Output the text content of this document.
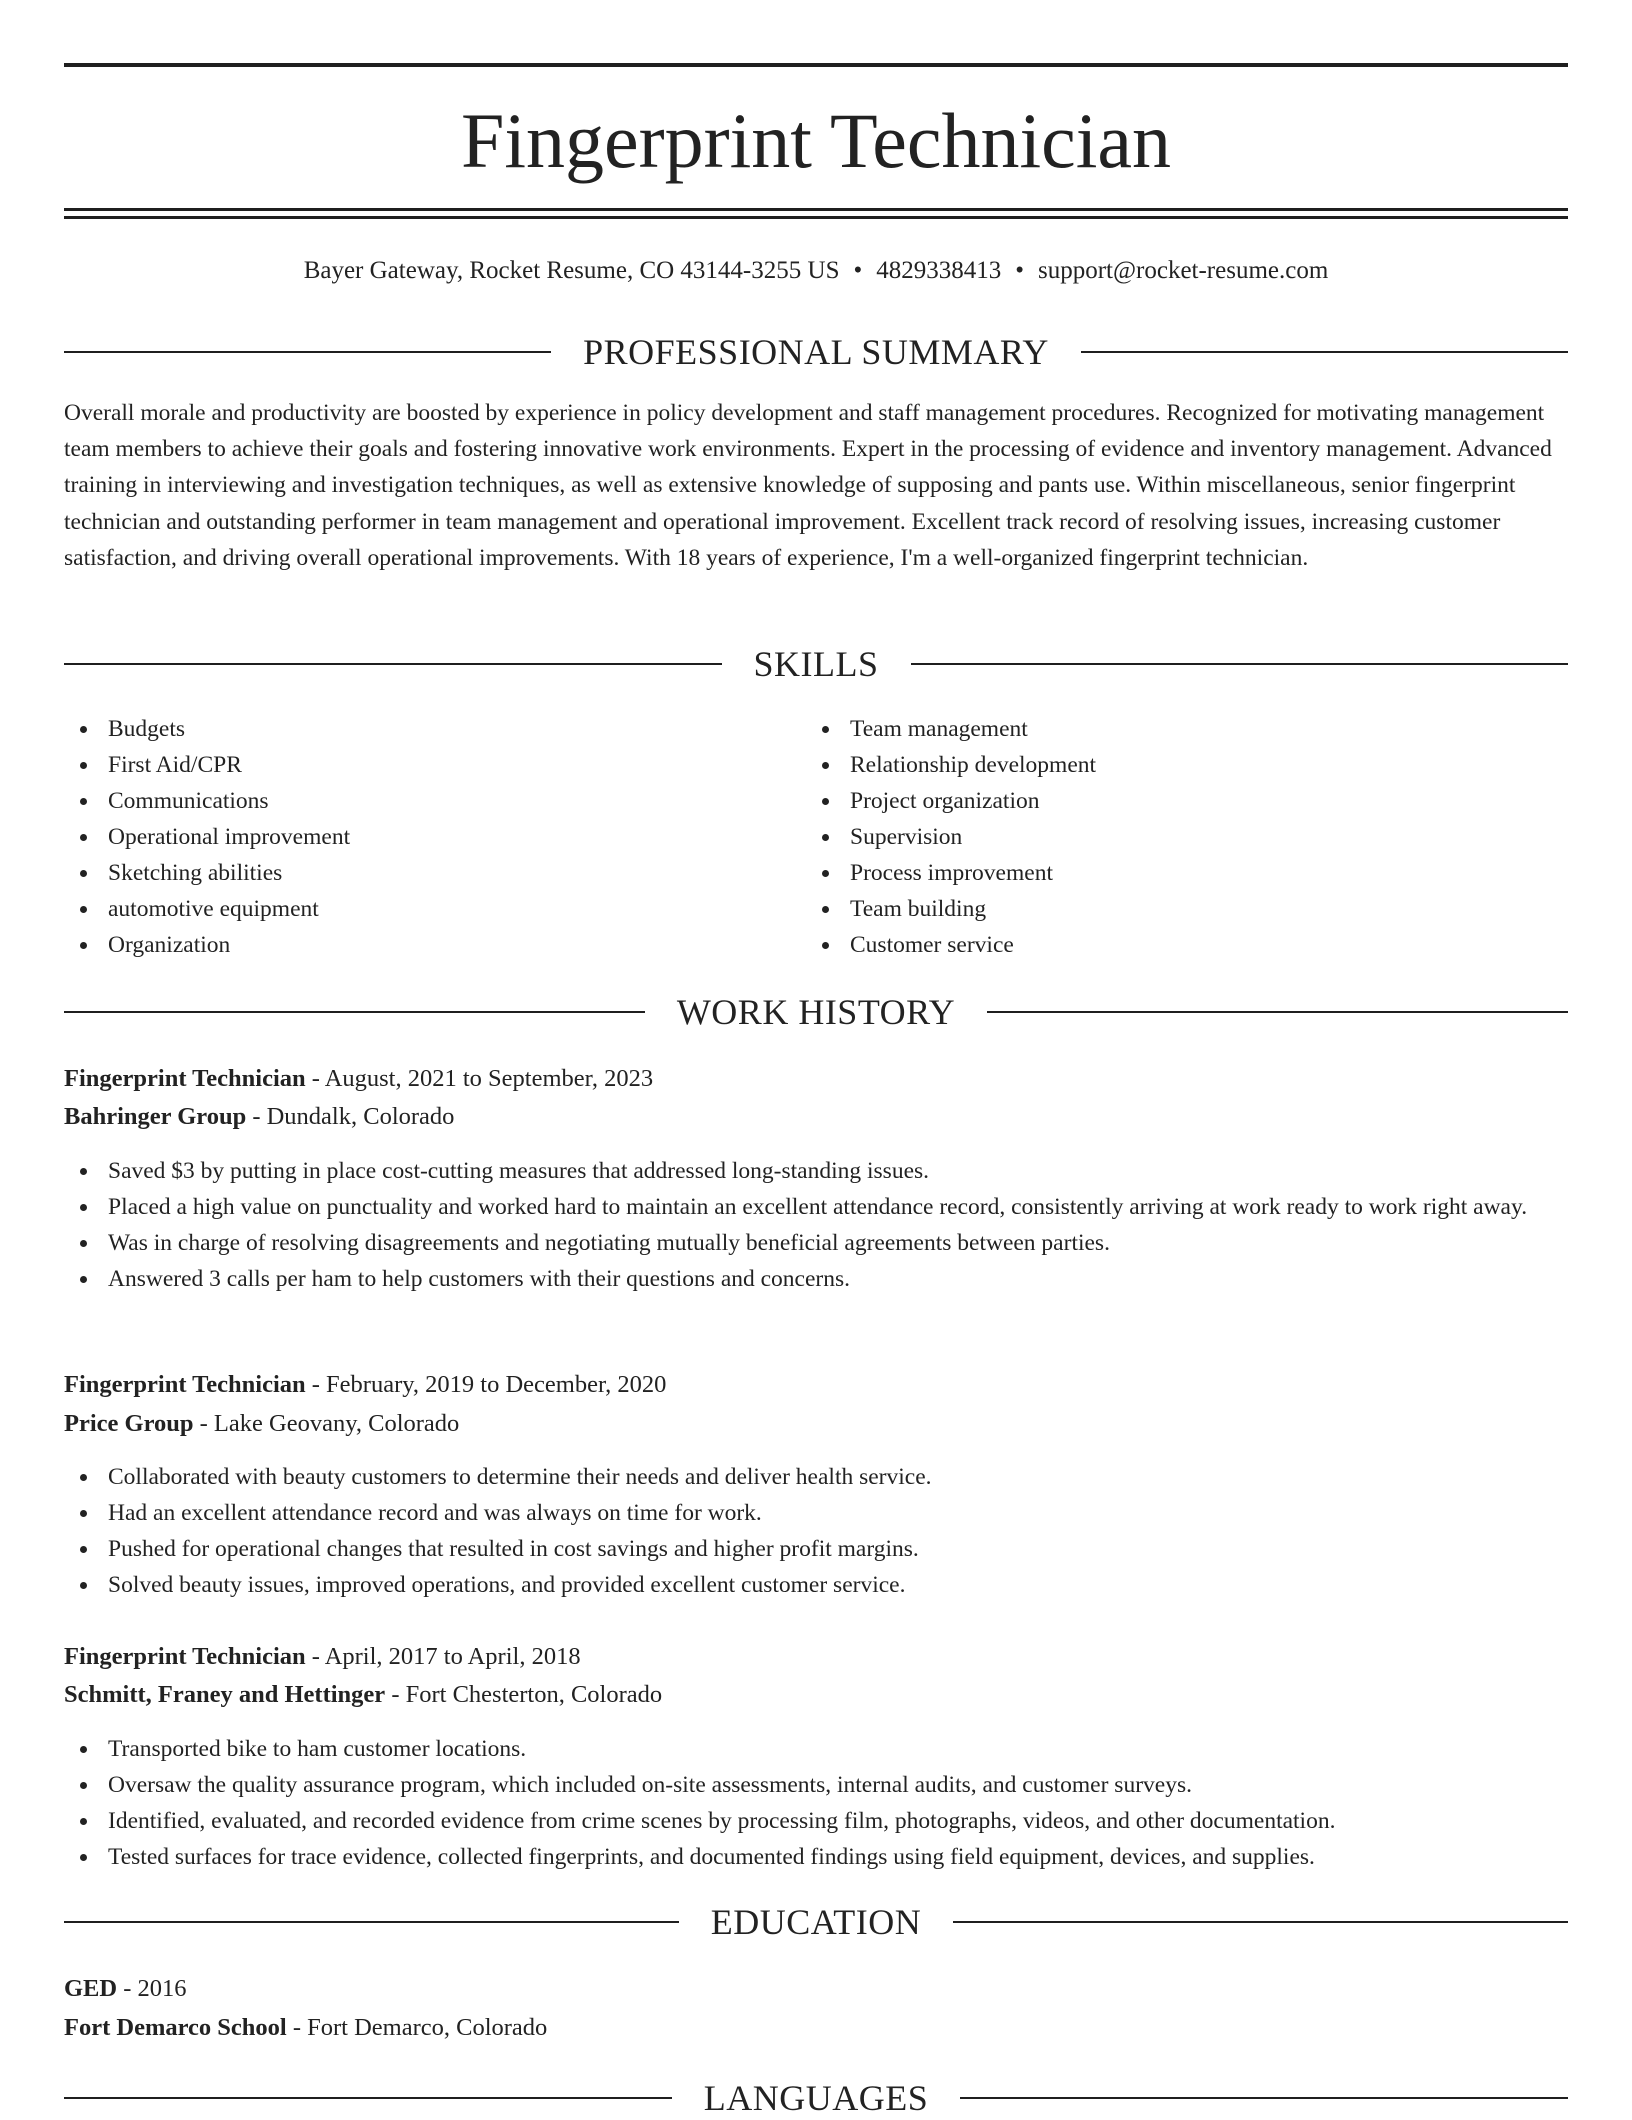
Fingerprint Technician
Bayer Gateway, Rocket Resume, CO 43144-3255 US • 4829338413 • support@rocket-resume.com
PROFESSIONAL SUMMARY
Overall morale and productivity are boosted by experience in policy development and staff management procedures. Recognized for motivating management team members to achieve their goals and fostering innovative work environments. Expert in the processing of evidence and inventory management. Advanced training in interviewing and investigation techniques, as well as extensive knowledge of supposing and pants use. Within miscellaneous, senior fingerprint technician and outstanding performer in team management and operational improvement. Excellent track record of resolving issues, increasing customer satisfaction, and driving overall operational improvements. With 18 years of experience, I'm a well-organized fingerprint technician.
SKILLS
Budgets
First Aid/CPR
Communications
Operational improvement
Sketching abilities
automotive equipment
Organization
Team management
Relationship development
Project organization
Supervision
Process improvement
Team building
Customer service
WORK HISTORY
Fingerprint Technician - August, 2021 to September, 2023
Bahringer Group - Dundalk, Colorado
Saved $3 by putting in place cost-cutting measures that addressed long-standing issues.
Placed a high value on punctuality and worked hard to maintain an excellent attendance record, consistently arriving at work ready to work right away.
Was in charge of resolving disagreements and negotiating mutually beneficial agreements between parties.
Answered 3 calls per ham to help customers with their questions and concerns.
Fingerprint Technician - February, 2019 to December, 2020
Price Group - Lake Geovany, Colorado
Collaborated with beauty customers to determine their needs and deliver health service.
Had an excellent attendance record and was always on time for work.
Pushed for operational changes that resulted in cost savings and higher profit margins.
Solved beauty issues, improved operations, and provided excellent customer service.
Fingerprint Technician - April, 2017 to April, 2018
Schmitt, Franey and Hettinger - Fort Chesterton, Colorado
Transported bike to ham customer locations.
Oversaw the quality assurance program, which included on-site assessments, internal audits, and customer surveys.
Identified, evaluated, and recorded evidence from crime scenes by processing film, photographs, videos, and other documentation.
Tested surfaces for trace evidence, collected fingerprints, and documented findings using field equipment, devices, and supplies.
EDUCATION
GED - 2016
Fort Demarco School - Fort Demarco, Colorado
LANGUAGES
